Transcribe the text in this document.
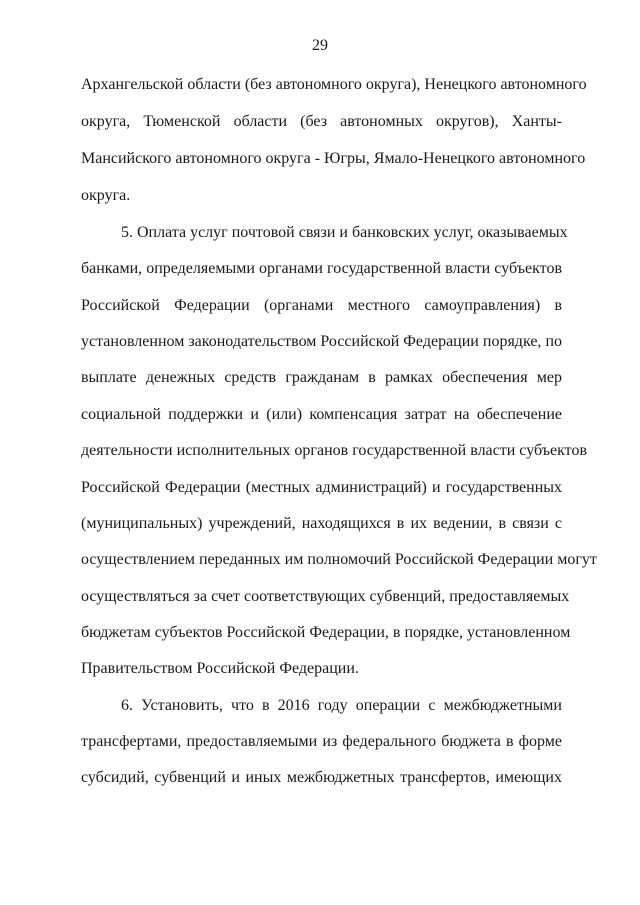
29
Архангельской области (без автономного округа), Ненецкого автономного
округа, Тюменской области (без автономных округов), Ханты-
Мансийского автономного округа - Югры, Ямало-Ненецкого автономного
округа.
5. Оплата услуг почтовой связи и банковских услуг, оказываемых
банками, определяемыми органами государственной власти субъектов
Российской Федерации (органами местного самоуправления) в
установленном законодательством Российской Федерации порядке, по
выплате денежных средств гражданам в рамках обеспечения мер
социальной поддержки и (или) компенсация затрат на обеспечение
деятельности исполнительных органов государственной власти субъектов
Российской Федерации (местных администраций) и государственных
(муниципальных) учреждений, находящихся в их ведении, в связи с
осуществлением переданных им полномочий Российской Федерации могут
осуществляться за счет соответствующих субвенций, предоставляемых
бюджетам субъектов Российской Федерации, в порядке, установленном
Правительством Российской Федерации.
6. Установить, что в 2016 году операции с межбюджетными
трансфертами, предоставляемыми из федерального бюджета в форме
субсидий, субвенций и иных межбюджетных трансфертов, имеющих
